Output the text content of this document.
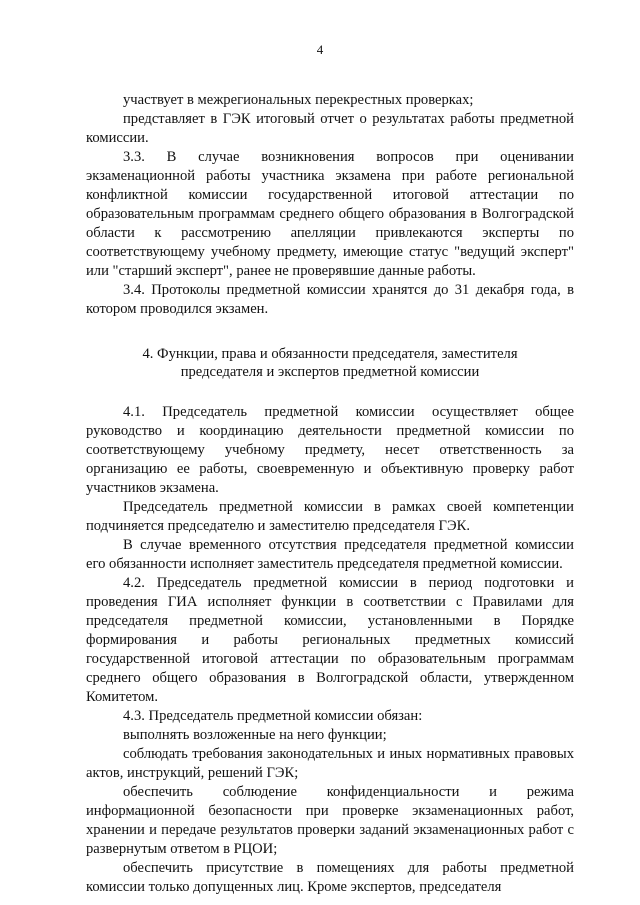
4

участвует в межрегиональных перекрестных проверках;

представляет в ГЭК итоговый отчет о результатах работы предметной комиссии.

3.3. В случае возникновения вопросов при оценивании экзаменационной работы участника экзамена при работе региональной конфликтной комиссии государственной итоговой аттестации по образовательным программам среднего общего образования в Волгоградской области к рассмотрению апелляции привлекаются эксперты по соответствующему учебному предмету, имеющие статус "ведущий эксперт" или "старший эксперт", ранее не проверявшие данные работы.

3.4. Протоколы предметной комиссии хранятся до 31 декабря года, в котором проводился экзамен.

4. Функции, права и обязанности председателя, заместителя
председателя и экспертов предметной комиссии

4.1. Председатель предметной комиссии осуществляет общее руководство и координацию деятельности предметной комиссии по соответствующему учебному предмету, несет ответственность за организацию ее работы, своевременную и объективную проверку работ участников экзамена.

Председатель предметной комиссии в рамках своей компетенции подчиняется председателю и заместителю председателя ГЭК.

В случае временного отсутствия председателя предметной комиссии его обязанности исполняет заместитель председателя предметной комиссии.

4.2. Председатель предметной комиссии в период подготовки и проведения ГИА исполняет функции в соответствии с Правилами для председателя предметной комиссии, установленными в Порядке формирования и работы региональных предметных комиссий государственной итоговой аттестации по образовательным программам среднего общего образования в Волгоградской области, утвержденном Комитетом.

4.3. Председатель предметной комиссии обязан:

выполнять возложенные на него функции;

соблюдать требования законодательных и иных нормативных правовых актов, инструкций, решений ГЭК;

обеспечить соблюдение конфиденциальности и режима информационной безопасности при проверке экзаменационных работ, хранении и передаче результатов проверки заданий экзаменационных работ с развернутым ответом в РЦОИ;

обеспечить присутствие в помещениях для работы предметной комиссии только допущенных лиц. Кроме экспертов, председателя
